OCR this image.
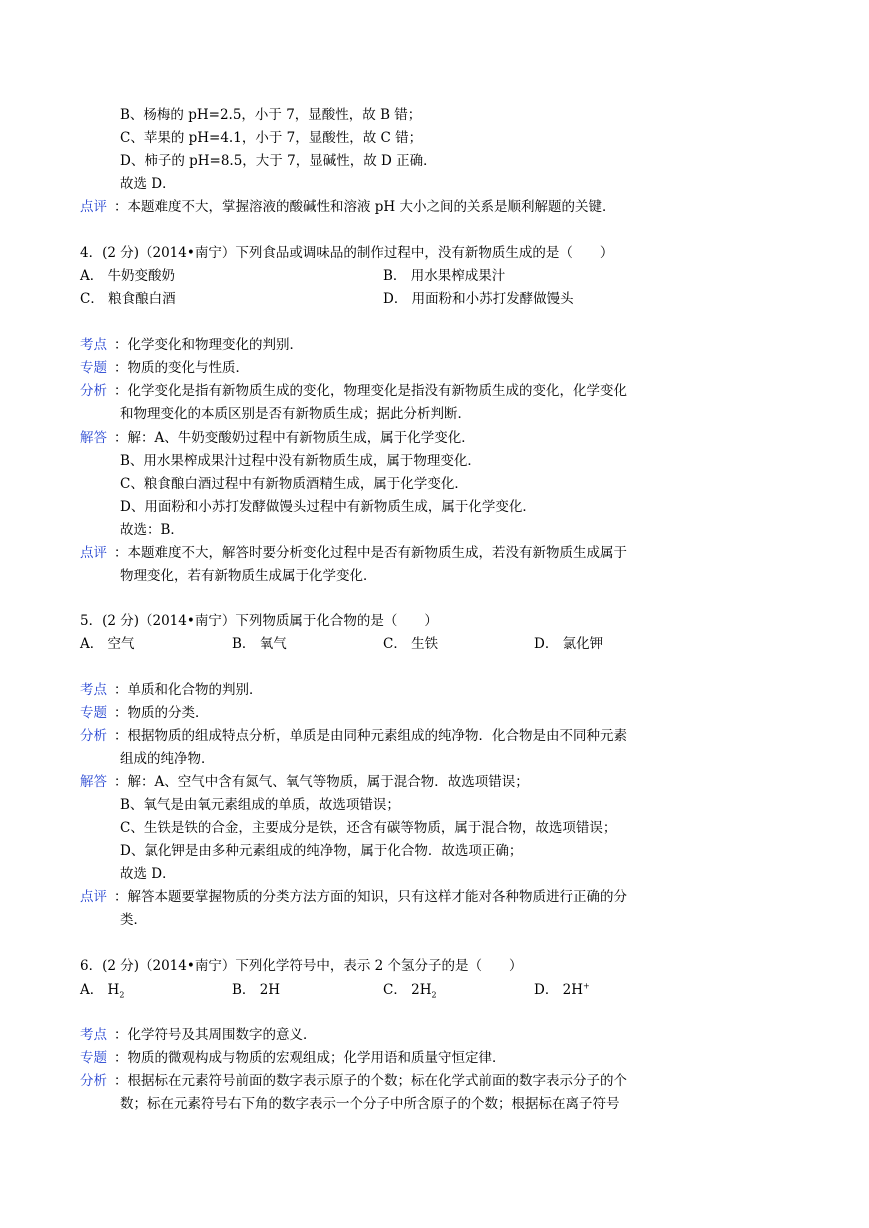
B、杨梅的 pH=2.5，小于 7，显酸性，故 B 错；
C、苹果的 pH=4.1，小于 7，显酸性，故 C 错；
D、柿子的 pH=8.5，大于 7，显碱性，故 D 正确．
故选 D．
点评 ：本题难度不大，掌握溶液的酸碱性和溶液 pH 大小之间的关系是顺利解题的关键．
4．(2 分)（2014•南宁）下列食品或调味品的制作过程中，没有新物质生成的是（　　）
A． 牛奶变酸奶	B． 用水果榨成果汁
C． 粮食酿白酒	D． 用面粉和小苏打发酵做馒头
考点 ：化学变化和物理变化的判别．
专题 ：物质的变化与性质．
分析 ：化学变化是指有新物质生成的变化，物理变化是指没有新物质生成的变化，化学变化
和物理变化的本质区别是否有新物质生成；据此分析判断．
解答 ：解：A、牛奶变酸奶过程中有新物质生成，属于化学变化．
B、用水果榨成果汁过程中没有新物质生成，属于物理变化．
C、粮食酿白酒过程中有新物质酒精生成，属于化学变化．
D、用面粉和小苏打发酵做馒头过程中有新物质生成，属于化学变化．
故选：B．
点评 ：本题难度不大，解答时要分析变化过程中是否有新物质生成，若没有新物质生成属于
物理变化，若有新物质生成属于化学变化．
5．(2 分)（2014•南宁）下列物质属于化合物的是（　　）
A． 空气	B． 氧气	C． 生铁	D． 氯化钾
考点 ：单质和化合物的判别．
专题 ：物质的分类．
分析 ：根据物质的组成特点分析，单质是由同种元素组成的纯净物．化合物是由不同种元素
组成的纯净物．
解答 ：解：A、空气中含有氮气、氧气等物质，属于混合物．故选项错误；
B、氧气是由氧元素组成的单质，故选项错误；
C、生铁是铁的合金，主要成分是铁，还含有碳等物质，属于混合物，故选项错误；
D、氯化钾是由多种元素组成的纯净物，属于化合物．故选项正确；
故选 D．
点评 ：解答本题要掌握物质的分类方法方面的知识，只有这样才能对各种物质进行正确的分
类．
6．(2 分)（2014•南宁）下列化学符号中，表示 2 个氢分子的是（　　）
A． $H_2$	B． 2H	C． $2H_2$	D． 2H+
考点 ：化学符号及其周围数字的意义．
专题 ：物质的微观构成与物质的宏观组成；化学用语和质量守恒定律．
分析 ：根据标在元素符号前面的数字表示原子的个数；标在化学式前面的数字表示分子的个
数；标在元素符号右下角的数字表示一个分子中所含原子的个数；根据标在离子符号
